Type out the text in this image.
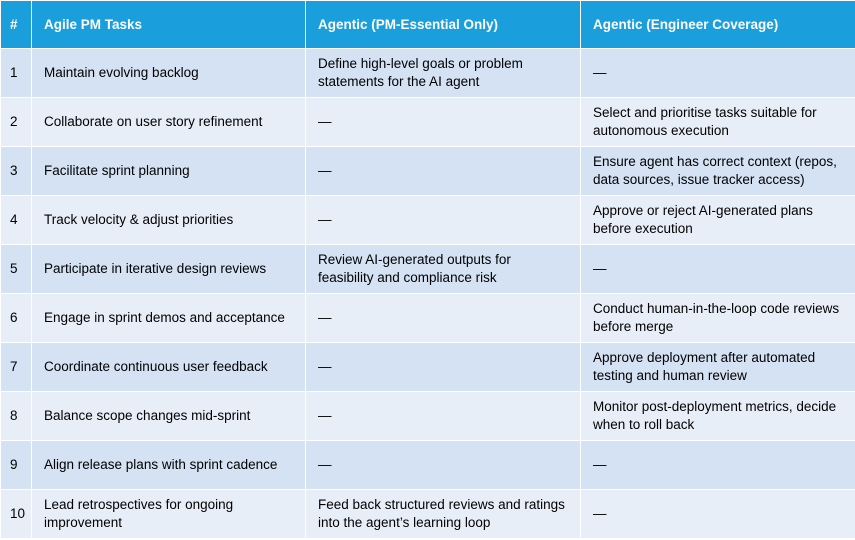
#	Agile PM Tasks	Agentic (PM-Essential Only)	Agentic (Engineer Coverage)
1	Maintain evolving backlog	Define high-level goals or problem statements for the AI agent	—
2	Collaborate on user story refinement	—	Select and prioritise tasks suitable for autonomous execution
3	Facilitate sprint planning	—	Ensure agent has correct context (repos, data sources, issue tracker access)
4	Track velocity & adjust priorities	—	Approve or reject AI-generated plans before execution
5	Participate in iterative design reviews	Review AI-generated outputs for feasibility and compliance risk	—
6	Engage in sprint demos and acceptance	—	Conduct human-in-the-loop code reviews before merge
7	Coordinate continuous user feedback	—	Approve deployment after automated testing and human review
8	Balance scope changes mid-sprint	—	Monitor post-deployment metrics, decide when to roll back
9	Align release plans with sprint cadence	—	—
10	Lead retrospectives for ongoing improvement	Feed back structured reviews and ratings into the agent’s learning loop	—
